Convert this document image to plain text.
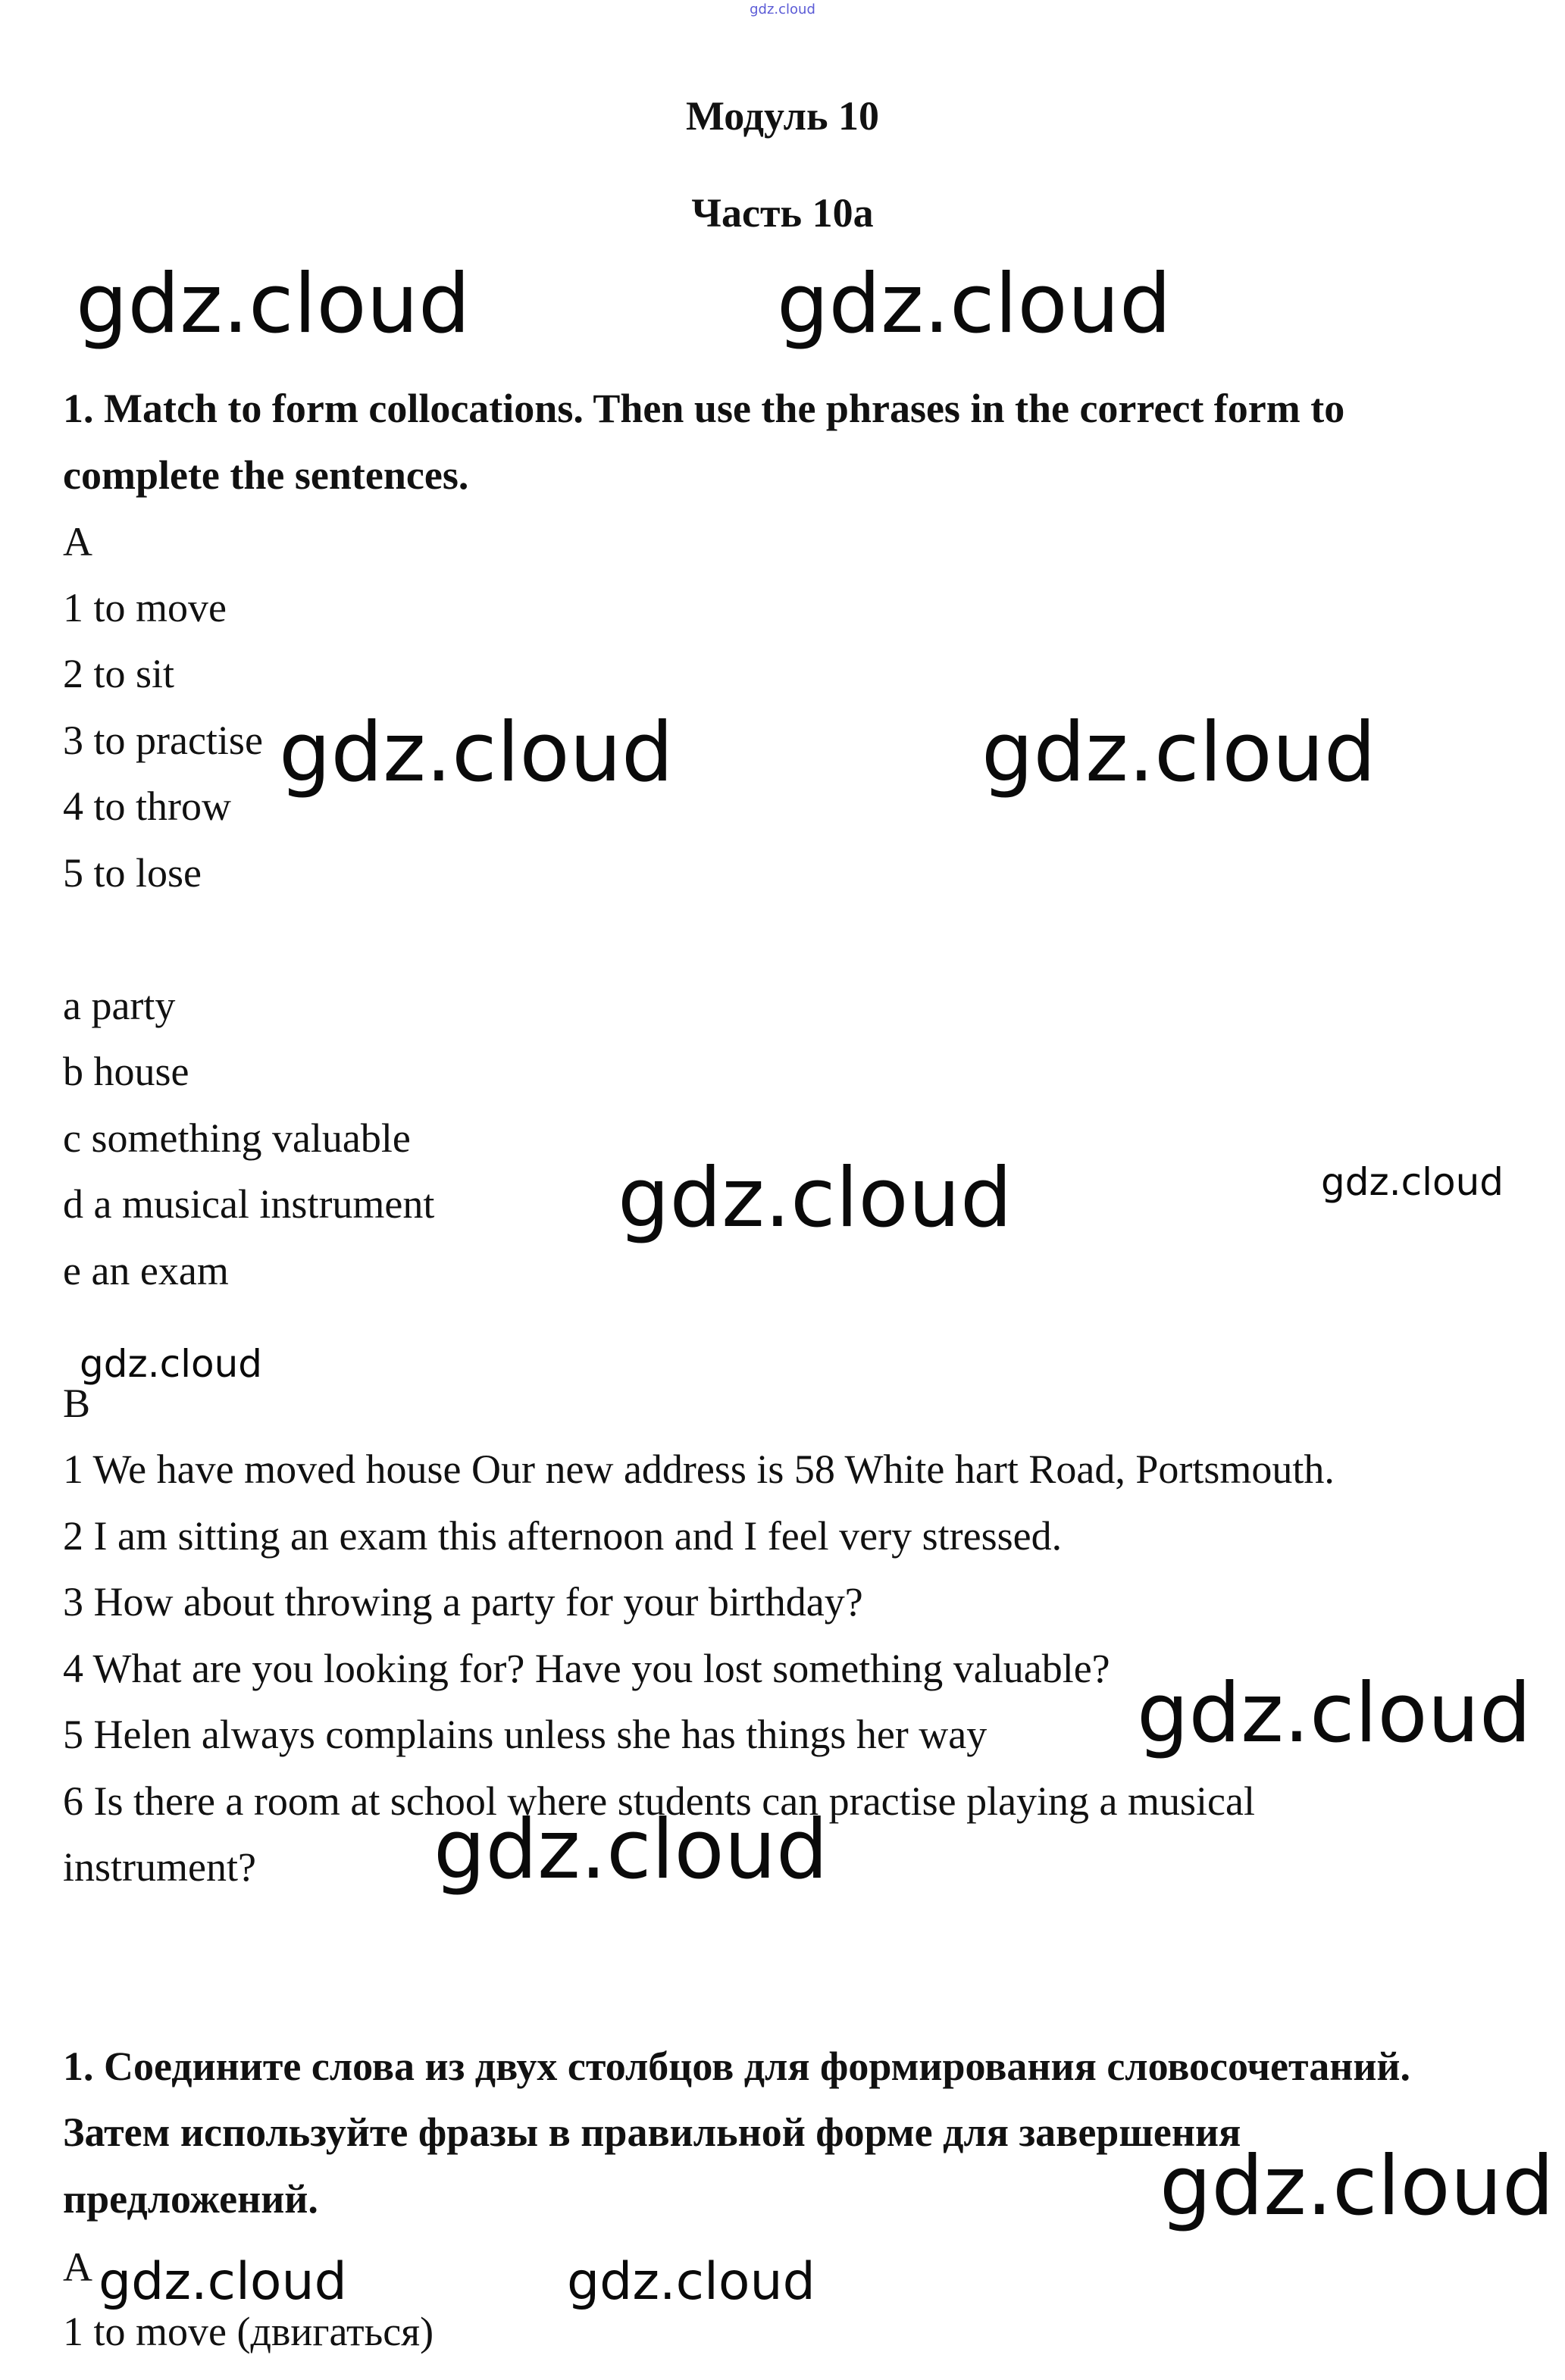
gdz.cloud
Модуль 10
Часть 10а
1. Match to form collocations. Then use the phrases in the correct form to
complete the sentences.
A
1 to move
2 to sit
3 to practise
4 to throw
5 to lose
a party
b house
c something valuable
d a musical instrument
e an exam
B
1 We have moved house Our new address is 58 White hart Road, Portsmouth.
2 I am sitting an exam this afternoon and I feel very stressed.
3 How about throwing a party for your birthday?
4 What are you looking for? Have you lost something valuable?
5 Helen always complains unless she has things her way
6 Is there a room at school where students can practise playing a musical
instrument?
1. Соедините слова из двух столбцов для формирования словосочетаний.
Затем используйте фразы в правильной форме для завершения
предложений.
A
1 to move (двигаться)
gdz.cloud	gdz.cloud
gdz.cloud	gdz.cloud
gdz.cloud	gdz.cloud
gdz.cloud
gdz.cloud
gdz.cloud
gdz.cloud
gdz.cloud	gdz.cloud
